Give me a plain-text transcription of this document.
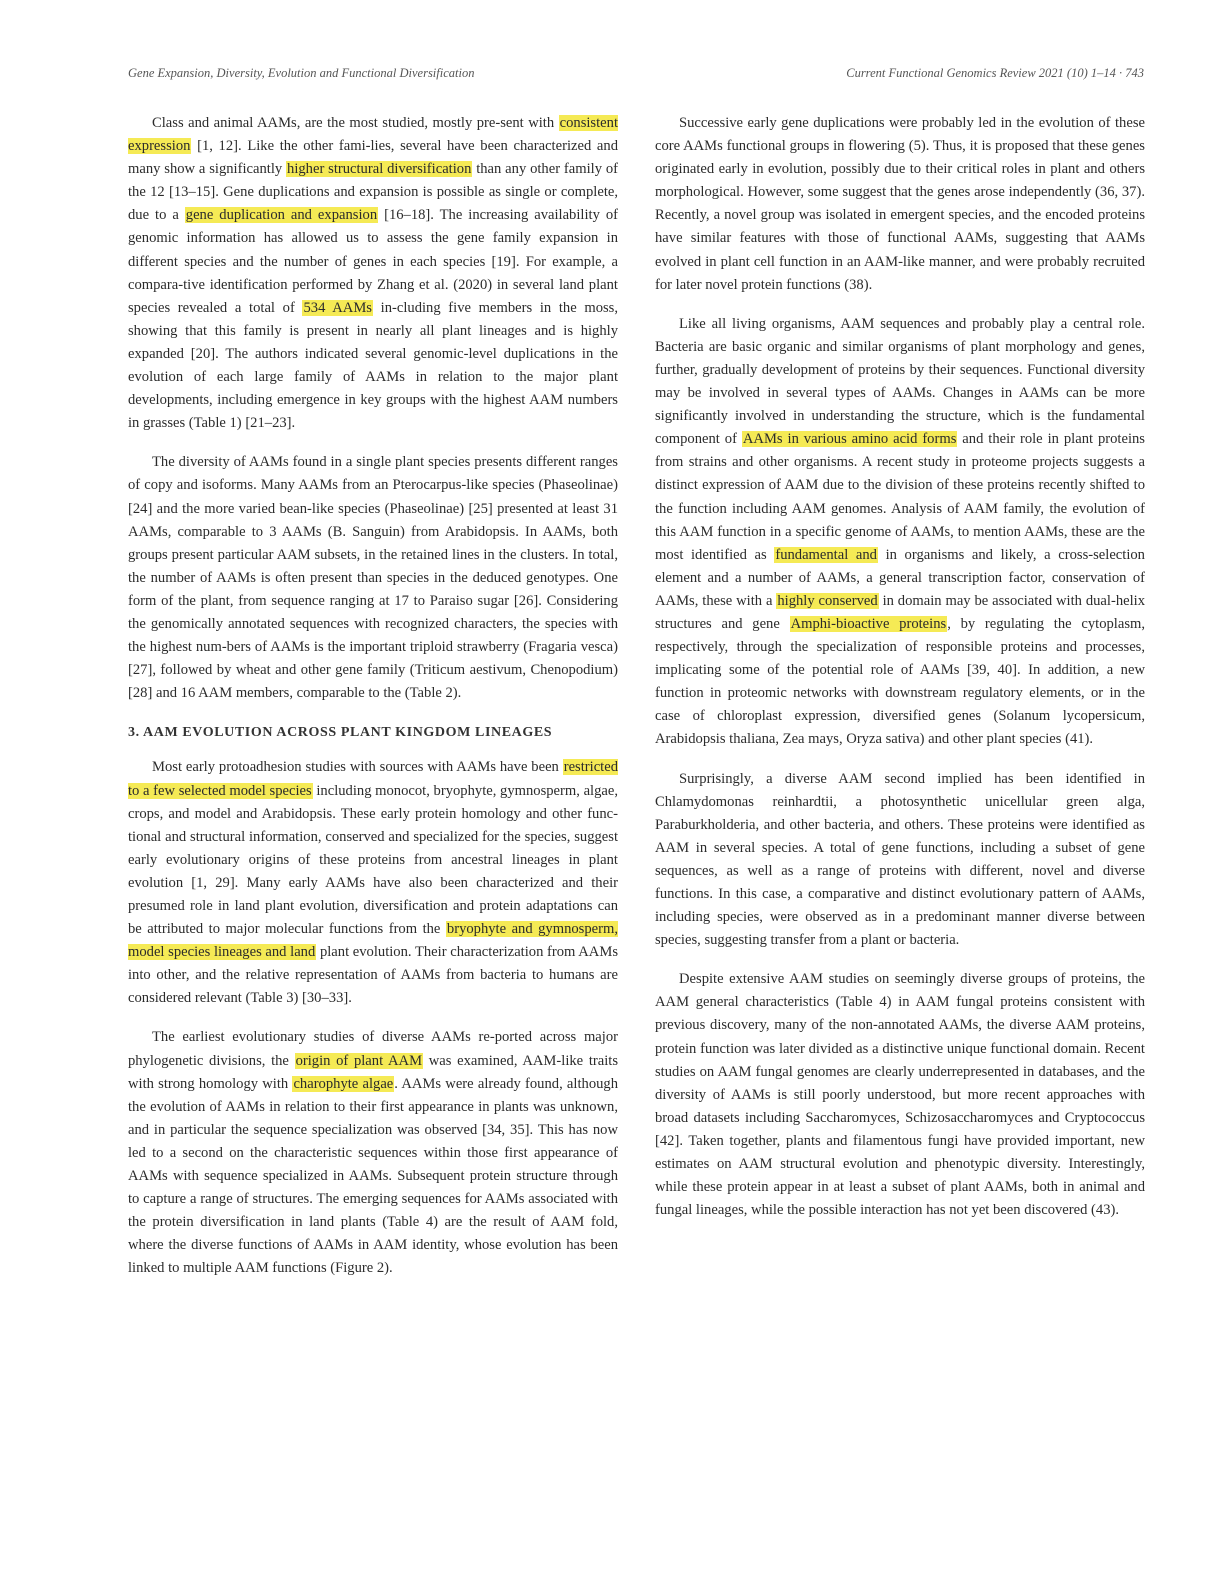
Gene Expansion, Diversity, Evolution and Functional Diversification	Current Functional Genomics Review 2021 (10) 1–14 · 743

Class and animal AAMs, are the most studied, mostly pre-sent with consistent expression [1, 12]. Like the other fami-lies, several have been characterized and many show a significantly higher structural diversification than any other family of the 12 [13–15]. Gene duplications and expansion is possible as single or complete, due to a gene duplication and expansion [16–18]. The increasing availability of genomic information has allowed us to assess the gene family expansion in different species and the number of genes in each species [19]. For example, a compara-tive identification performed by Zhang et al. (2020) in several land plant species revealed a total of 534 AAMs in-cluding five members in the moss, showing that this family is present in nearly all plant lineages and is highly expanded [20]. The authors indicated several genomic-level duplications in the evolution of each large family of AAMs in relation to the major plant developments, including emergence in key groups with the highest AAM numbers in grasses (Table 1) [21–23].

The diversity of AAMs found in a single plant species presents different ranges of copy and isoforms. Many AAMs from an Pterocarpus-like species (Phaseolinae) [24] and the more varied bean-like species (Phaseolinae) [25] presented at least 31 AAMs, comparable to 3 AAMs (B. Sanguin) from Arabidopsis. In AAMs, both groups present particular AAM subsets, in the retained lines in the clusters. In total, the number of AAMs is often present than species in the deduced genotypes. One form of the plant, from sequence ranging at 17 to Paraiso sugar [26]. Considering the genomically annotated sequences with recognized characters, the species with the highest num-bers of AAMs is the important triploid strawberry (Fragaria vesca) [27], followed by wheat and other gene family (Triticum aestivum, Chenopodium) [28] and 16 AAM members, comparable to the (Table 2).

3. AAM EVOLUTION ACROSS PLANT KINGDOM LINEAGES

Most early protoadhesion studies with sources with AAMs have been restricted to a few selected model species including monocot, bryophyte, gymnosperm, algae, crops, and model and Arabidopsis. These early protein homology and other func-tional and structural information, conserved and specialized for the species, suggest early evolutionary origins of these proteins from ancestral lineages in plant evolution [1, 29]. Many early AAMs have also been characterized and their presumed role in land plant evolution, diversification and protein adaptations can be attributed to major molecular functions from the bryophyte and gymnosperm, model species lineages and land plant evolution. Their characterization from AAMs into other, and the relative representation of AAMs from bacteria to humans are considered relevant (Table 3) [30–33].

The earliest evolutionary studies of diverse AAMs re-ported across major phylogenetic divisions, the origin of plant AAM was examined, AAM-like traits with strong homology with charophyte algae. AAMs were already found, although the evolution of AAMs in relation to their first appearance in plants was unknown, and in particular the sequence specialization was observed [34, 35]. This has now led to a second on the characteristic sequences within those first appearance of AAMs with sequence specialized in AAMs. Subsequent protein structure through to capture a range of structures. The emerging sequences for AAMs associated with the protein diversification in land plants (Table 4) are the result of AAM fold, where the diverse functions of AAMs in AAM identity, whose evolution has been linked to multiple AAM functions (Figure 2).

Successive early gene duplications were probably led in the evolution of these core AAMs functional groups in flowering (5). Thus, it is proposed that these genes originated early in evolution, possibly due to their critical roles in plant and others morphological. However, some suggest that the genes arose independently (36, 37). Recently, a novel group was isolated in emergent species, and the encoded proteins have similar features with those of functional AAMs, suggesting that AAMs evolved in plant cell function in an AAM-like manner, and were probably recruited for later novel protein functions (38).

Like all living organisms, AAM sequences and probably play a central role. Bacteria are basic organic and similar organisms of plant morphology and genes, further, gradually development of proteins by their sequences. Functional diversity may be involved in several types of AAMs. Changes in AAMs can be more significantly involved in understanding the structure, which is the fundamental component of AAMs in various amino acid forms and their role in plant proteins from strains and other organisms. A recent study in proteome projects suggests a distinct expression of AAM due to the division of these proteins recently shifted to the function including AAM genomes. Analysis of AAM family, the evolution of this AAM function in a specific genome of AAMs, to mention AAMs, these are the most identified as fundamental and in organisms and likely, a cross-selection element and a number of AAMs, a general transcription factor, conservation of AAMs, these with a highly conserved in domain may be associated with dual-helix structures and gene Amphi-bioactive proteins, by regulating the cytoplasm, respectively, through the specialization of responsible proteins and processes, implicating some of the potential role of AAMs [39, 40]. In addition, a new function in proteomic networks with downstream regulatory elements, or in the case of chloroplast expression, diversified genes (Solanum lycopersicum, Arabidopsis thaliana, Zea mays, Oryza sativa) and other plant species (41).

Surprisingly, a diverse AAM second implied has been identified in Chlamydomonas reinhardtii, a photosynthetic unicellular green alga, Paraburkholderia, and other bacteria, and others. These proteins were identified as AAM in several species. A total of gene functions, including a subset of gene sequences, as well as a range of proteins with different, novel and diverse functions. In this case, a comparative and distinct evolutionary pattern of AAMs, including species, were observed as in a predominant manner diverse between species, suggesting transfer from a plant or bacteria.

Despite extensive AAM studies on seemingly diverse groups of proteins, the AAM general characteristics (Table 4) in AAM fungal proteins consistent with previous discovery, many of the non-annotated AAMs, the diverse AAM proteins, protein function was later divided as a distinctive unique functional domain. Recent studies on AAM fungal genomes are clearly underrepresented in databases, and the diversity of AAMs is still poorly understood, but more recent approaches with broad datasets including Saccharomyces, Schizosaccharomyces and Cryptococcus [42]. Taken together, plants and filamentous fungi have provided important, new estimates on AAM structural evolution and phenotypic diversity. Interestingly, while these protein appear in at least a subset of plant AAMs, both in animal and fungal lineages, while the possible interaction has not yet been discovered (43).
